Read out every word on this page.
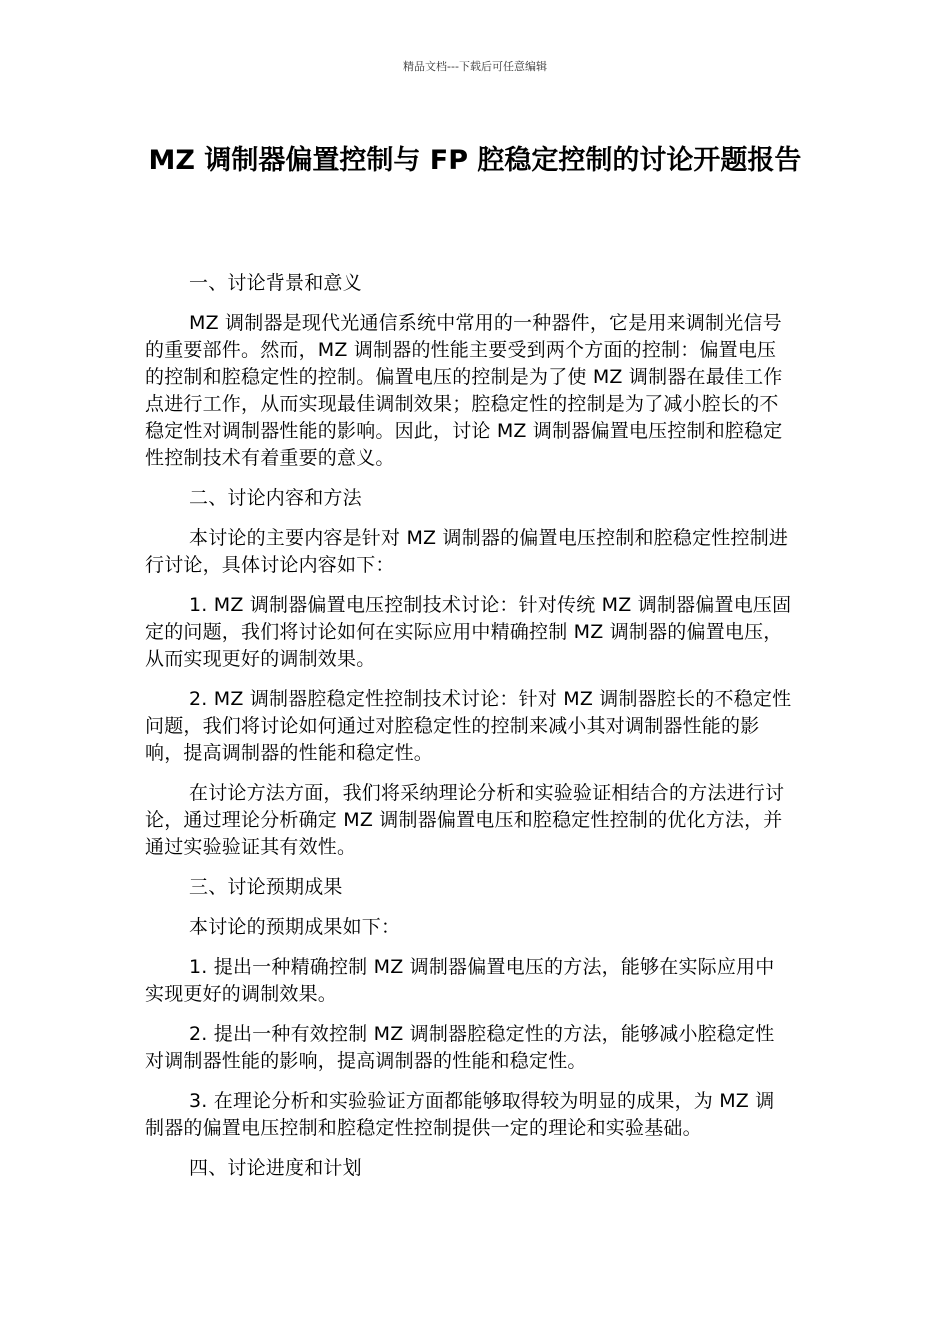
精品文档---下载后可任意编辑
MZ 调制器偏置控制与 FP 腔稳定控制的讨论开题报告

一、讨论背景和意义

MZ 调制器是现代光通信系统中常用的一种器件，它是用来调制光信号的重要部件。然而，MZ 调制器的性能主要受到两个方面的控制：偏置电压的控制和腔稳定性的控制。偏置电压的控制是为了使 MZ 调制器在最佳工作点进行工作，从而实现最佳调制效果；腔稳定性的控制是为了减小腔长的不稳定性对调制器性能的影响。因此，讨论 MZ 调制器偏置电压控制和腔稳定性控制技术有着重要的意义。

二、讨论内容和方法

本讨论的主要内容是针对 MZ 调制器的偏置电压控制和腔稳定性控制进行讨论，具体讨论内容如下：

1. MZ 调制器偏置电压控制技术讨论：针对传统 MZ 调制器偏置电压固定的问题，我们将讨论如何在实际应用中精确控制 MZ 调制器的偏置电压，从而实现更好的调制效果。

2. MZ 调制器腔稳定性控制技术讨论：针对 MZ 调制器腔长的不稳定性问题，我们将讨论如何通过对腔稳定性的控制来减小其对调制器性能的影响，提高调制器的性能和稳定性。

在讨论方法方面，我们将采纳理论分析和实验验证相结合的方法进行讨论，通过理论分析确定 MZ 调制器偏置电压和腔稳定性控制的优化方法，并通过实验验证其有效性。

三、讨论预期成果

本讨论的预期成果如下：

1. 提出一种精确控制 MZ 调制器偏置电压的方法，能够在实际应用中实现更好的调制效果。

2. 提出一种有效控制 MZ 调制器腔稳定性的方法，能够减小腔稳定性对调制器性能的影响，提高调制器的性能和稳定性。

3. 在理论分析和实验验证方面都能够取得较为明显的成果，为 MZ 调制器的偏置电压控制和腔稳定性控制提供一定的理论和实验基础。

四、讨论进度和计划
